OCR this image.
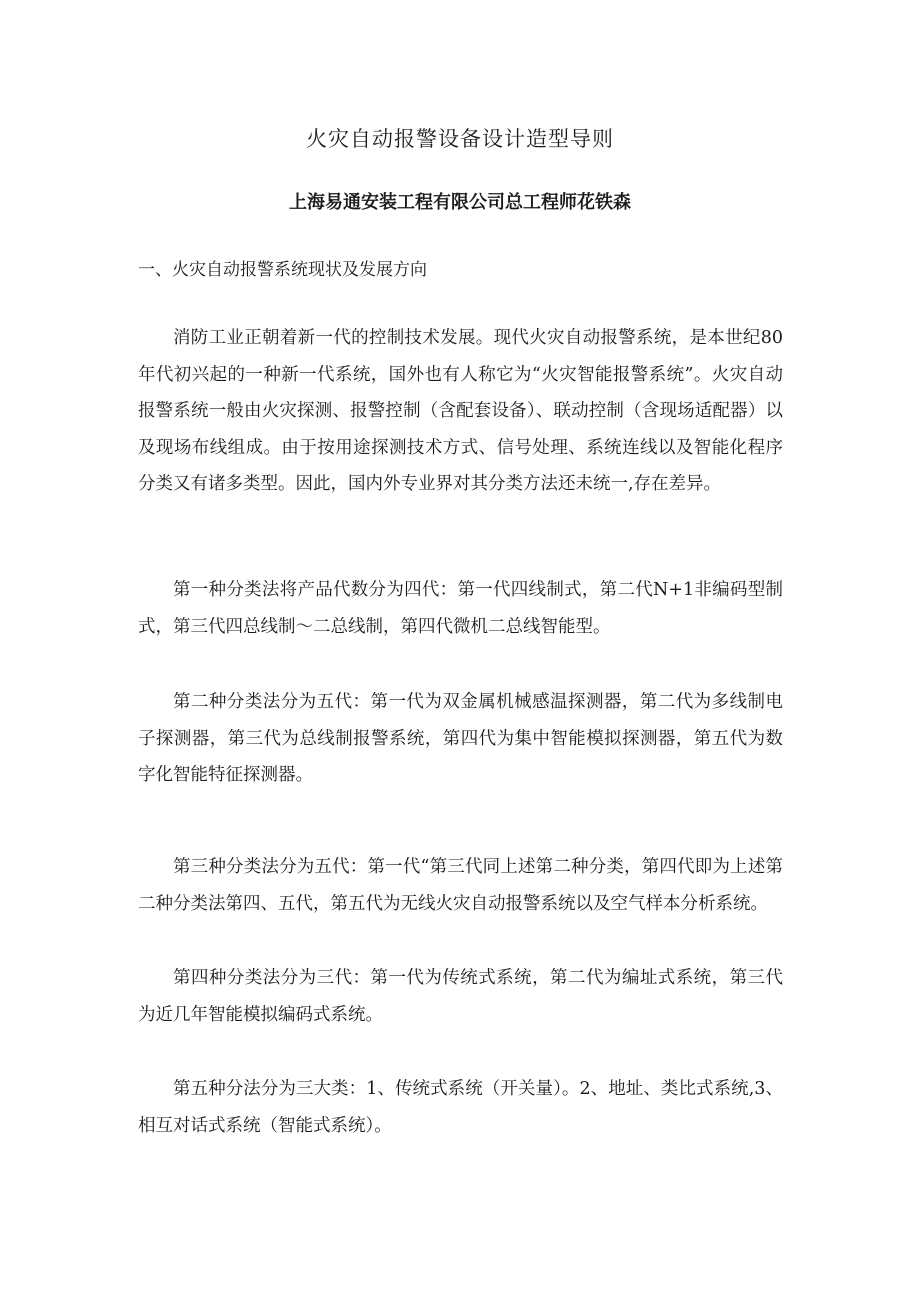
火灾自动报警设备设计造型导则
上海易通安装工程有限公司总工程师花铁森
一、火灾自动报警系统现状及发展方向

消防工业正朝着新一代的控制技术发展。现代火灾自动报警系统，是本世纪80年代初兴起的一种新一代系统，国外也有人称它为“火灾智能报警系统”。火灾自动报警系统一般由火灾探测、报警控制（含配套设备）、联动控制（含现场适配器）以及现场布线组成。由于按用途探测技术方式、信号处理、系统连线以及智能化程序分类又有诸多类型。因此，国内外专业界对其分类方法还未统一,存在差异。

第一种分类法将产品代数分为四代：第一代四线制式，第二代N+1非编码型制式，第三代四总线制～二总线制，第四代微机二总线智能型。

第二种分类法分为五代：第一代为双金属机械感温探测器，第二代为多线制电子探测器，第三代为总线制报警系统，第四代为集中智能模拟探测器，第五代为数字化智能特征探测器。

第三种分类法分为五代：第一代“第三代同上述第二种分类，第四代即为上述第二种分类法第四、五代，第五代为无线火灾自动报警系统以及空气样本分析系统。

第四种分类法分为三代：第一代为传统式系统，第二代为编址式系统，第三代为近几年智能模拟编码式系统。

第五种分法分为三大类：1、传统式系统（开关量）。2、地址、类比式系统,3、相互对话式系统（智能式系统）。
